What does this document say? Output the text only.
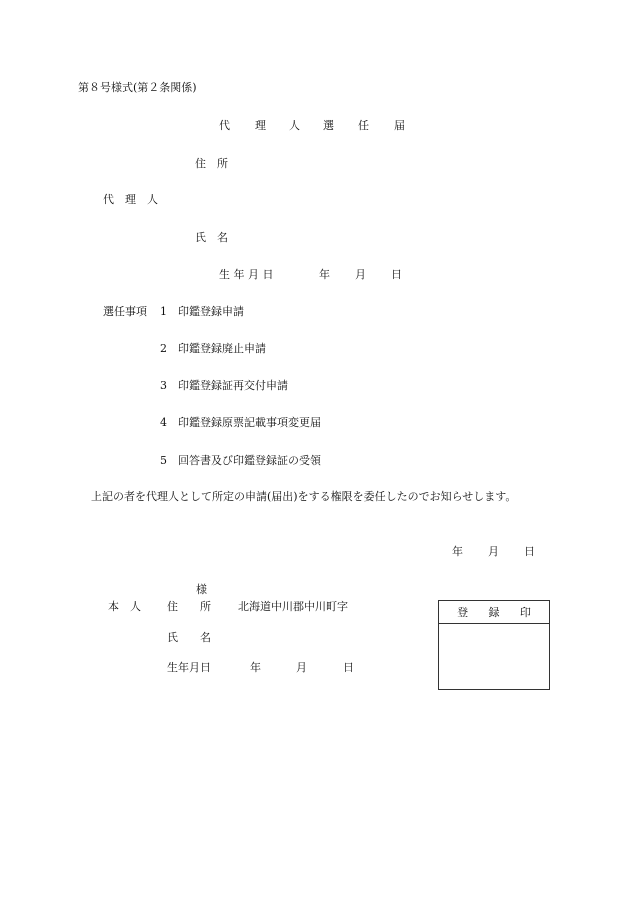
第８号様式(第２条関係)
代 理 人 選 任 届
住　所
代　理　人
氏　名
生 年 月 日	年 月 日
選任事項 1 印鑑登録申請
2 印鑑登録廃止申請
3 印鑑登録証再交付申請
4 印鑑登録原票記載事項変更届
5 回答書及び印鑑登録証の受領
上記の者を代理人として所定の申請(届出)をする権限を委任したのでお知らせします。
年 月 日
様
本　人 住　　所 北海道中川郡中川町字
氏　　名
生年月日	年	月	日
登 録 印
